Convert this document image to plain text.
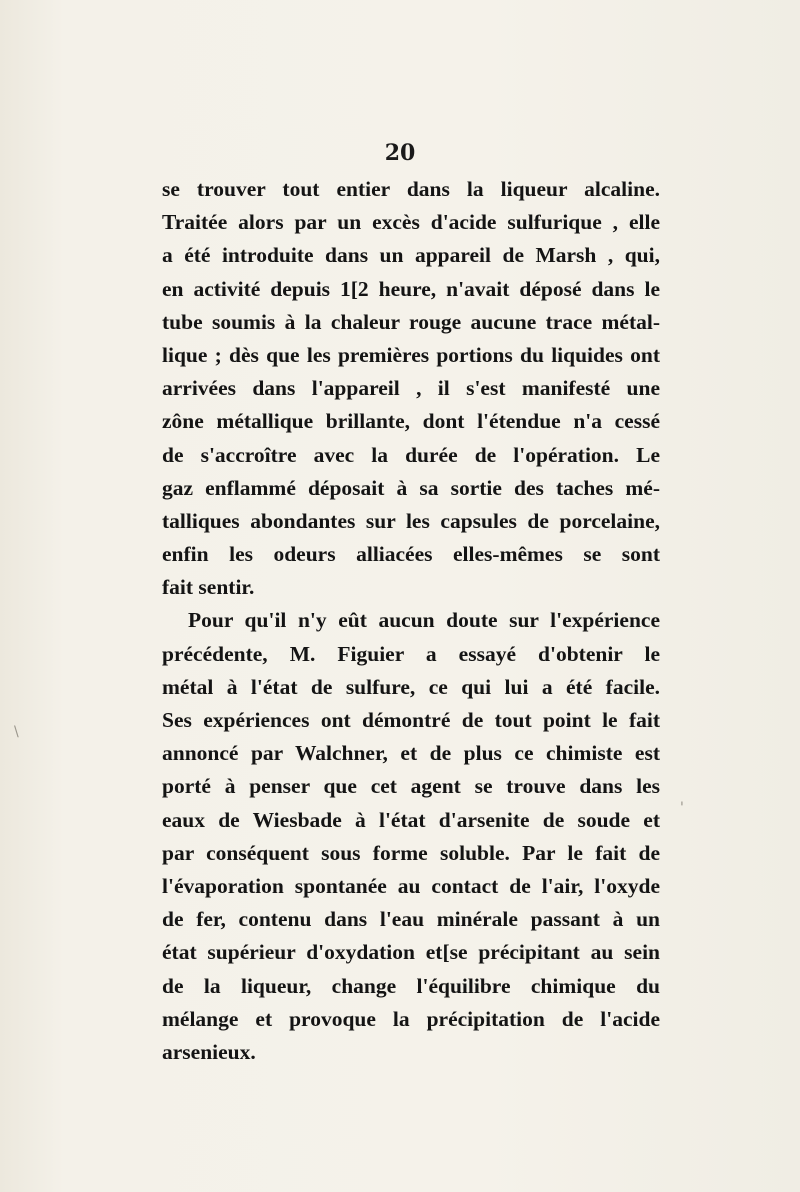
20
se trouver tout entier dans la liqueur alcaline.
Traitée alors par un excès d'acide sulfurique , elle
a été introduite dans un appareil de Marsh , qui,
en activité depuis 1[2 heure, n'avait déposé dans le
tube soumis à la chaleur rouge aucune trace métal-
lique ; dès que les premières portions du liquides ont
arrivées dans l'appareil , il s'est manifesté une
zône métallique brillante, dont l'étendue n'a cessé
de s'accroître avec la durée de l'opération. Le
gaz enflammé déposait à sa sortie des taches mé-
talliques abondantes sur les capsules de porcelaine,
enfin les odeurs alliacées elles-mêmes se sont
fait sentir.
Pour qu'il n'y eût aucun doute sur l'expérience
précédente, M. Figuier a essayé d'obtenir le
métal à l'état de sulfure, ce qui lui a été facile.
Ses expériences ont démontré de tout point le fait
annoncé par Walchner, et de plus ce chimiste est
porté à penser que cet agent se trouve dans les
eaux de Wiesbade à l'état d'arsenite de soude et
par conséquent sous forme soluble. Par le fait de
l'évaporation spontanée au contact de l'air, l'oxyde
de fer, contenu dans l'eau minérale passant à un
état supérieur d'oxydation et[se précipitant au sein
de la liqueur, change l'équilibre chimique du
mélange et provoque la précipitation de l'acide
arsenieux.
\
'
